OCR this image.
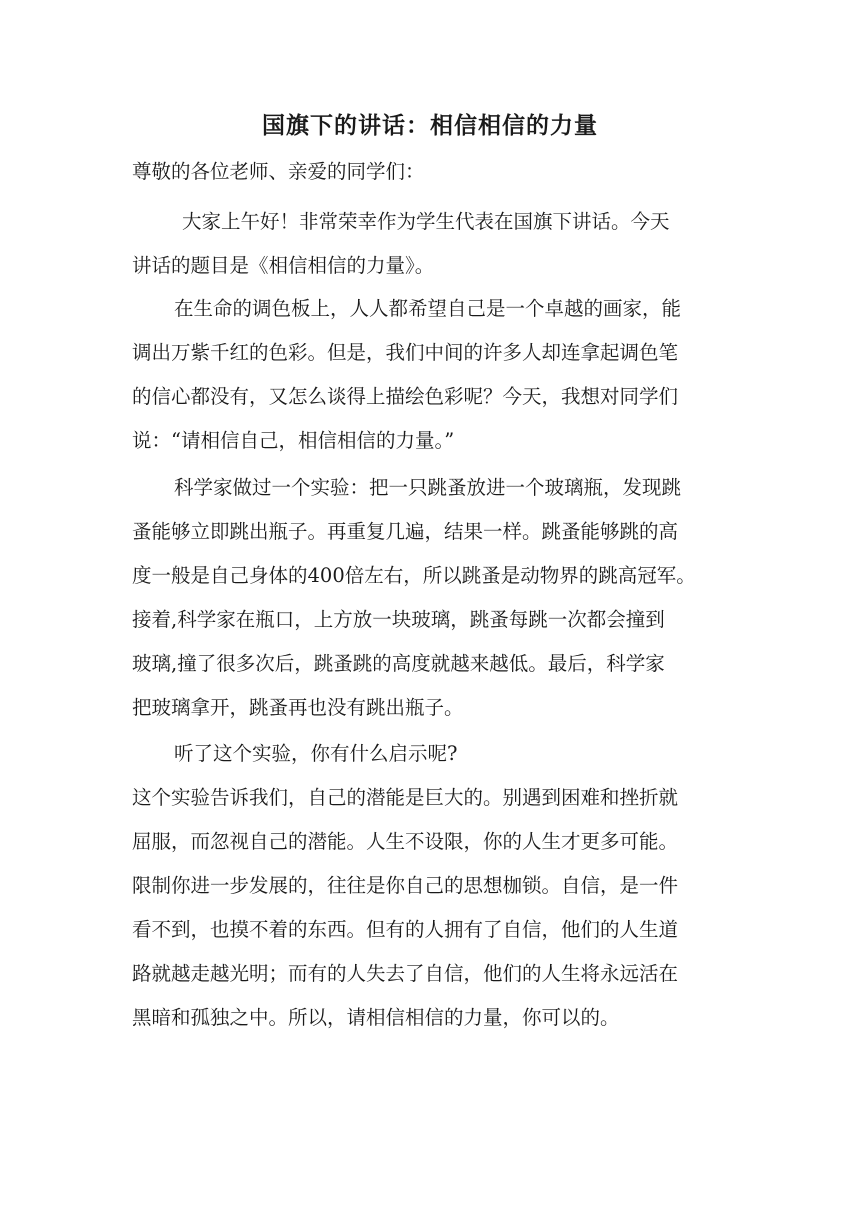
国旗下的讲话：相信相信的力量
尊敬的各位老师、亲爱的同学们：
大家上午好！非常荣幸作为学生代表在国旗下讲话。今天
讲话的题目是《相信相信的力量》。
在生命的调色板上，人人都希望自己是一个卓越的画家，能
调出万紫千红的色彩。但是，我们中间的许多人却连拿起调色笔
的信心都没有，又怎么谈得上描绘色彩呢？今天，我想对同学们
说：“请相信自己，相信相信的力量。”
科学家做过一个实验：把一只跳蚤放进一个玻璃瓶，发现跳
蚤能够立即跳出瓶子。再重复几遍，结果一样。跳蚤能够跳的高
度一般是自己身体的400倍左右，所以跳蚤是动物界的跳高冠军。
接着,科学家在瓶口，上方放一块玻璃，跳蚤每跳一次都会撞到
玻璃,撞了很多次后，跳蚤跳的高度就越来越低。最后，科学家
把玻璃拿开，跳蚤再也没有跳出瓶子。
听了这个实验，你有什么启示呢?
这个实验告诉我们，自己的潜能是巨大的。别遇到困难和挫折就
屈服，而忽视自己的潜能。人生不设限，你的人生才更多可能。
限制你进一步发展的，往往是你自己的思想枷锁。自信，是一件
看不到，也摸不着的东西。但有的人拥有了自信，他们的人生道
路就越走越光明；而有的人失去了自信，他们的人生将永远活在
黑暗和孤独之中。所以，请相信相信的力量，你可以的。
